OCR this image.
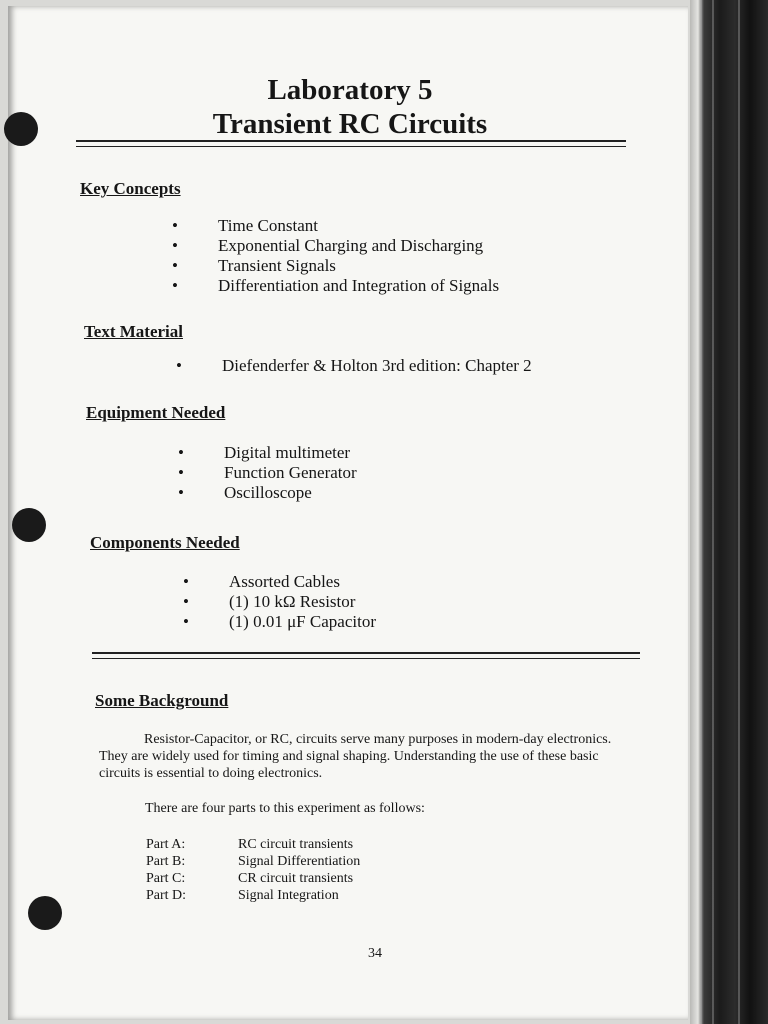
Laboratory 5
Transient RC Circuits
Key Concepts
• Time Constant
• Exponential Charging and Discharging
• Transient Signals
• Differentiation and Integration of Signals
Text Material
• Diefenderfer & Holton 3rd edition: Chapter 2
Equipment Needed
• Digital multimeter
• Function Generator
• Oscilloscope
Components Needed
• Assorted Cables
• (1) 10 kΩ Resistor
• (1) 0.01 μF Capacitor
Some Background

Resistor-Capacitor, or RC, circuits serve many purposes in modern-day electronics. They are widely used for timing and signal shaping. Understanding the use of these basic circuits is essential to doing electronics.

There are four parts to this experiment as follows:

Part A:	RC circuit transients
Part B:	Signal Differentiation
Part C:	CR circuit transients
Part D:	Signal Integration

34
